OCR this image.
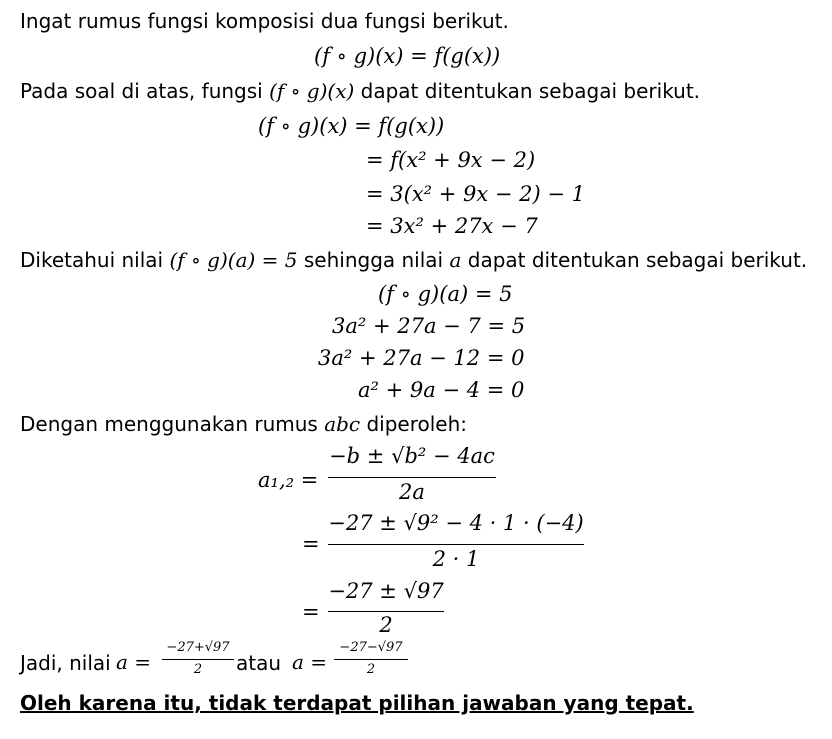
Ingat rumus fungsi komposisi dua fungsi berikut.
(f ∘ g)(x) = f(g(x))
Pada soal di atas, fungsi (f ∘ g)(x) dapat ditentukan sebagai berikut.
(f ∘ g)(x) = f(g(x))
= f(x² + 9x − 2)
= 3(x² + 9x − 2) − 1
= 3x² + 27x − 7
Diketahui nilai (f ∘ g)(a) = 5 sehingga nilai a dapat ditentukan sebagai berikut.
(f ∘ g)(a) = 5
3a² + 27a − 7 = 5
3a² + 27a − 12 = 0
a² + 9a − 4 = 0
Dengan menggunakan rumus abc diperoleh:
a₁,₂ =
−b ± √b² − 4ac
2a
=
−27 ± √9² − 4 · 1 · (−4)
2 · 1
=
−27 ± √97
2
Jadi, nilai a =
−27+√97
2	atau a =
−27−√97
2
Oleh karena itu, tidak terdapat pilihan jawaban yang tepat.
